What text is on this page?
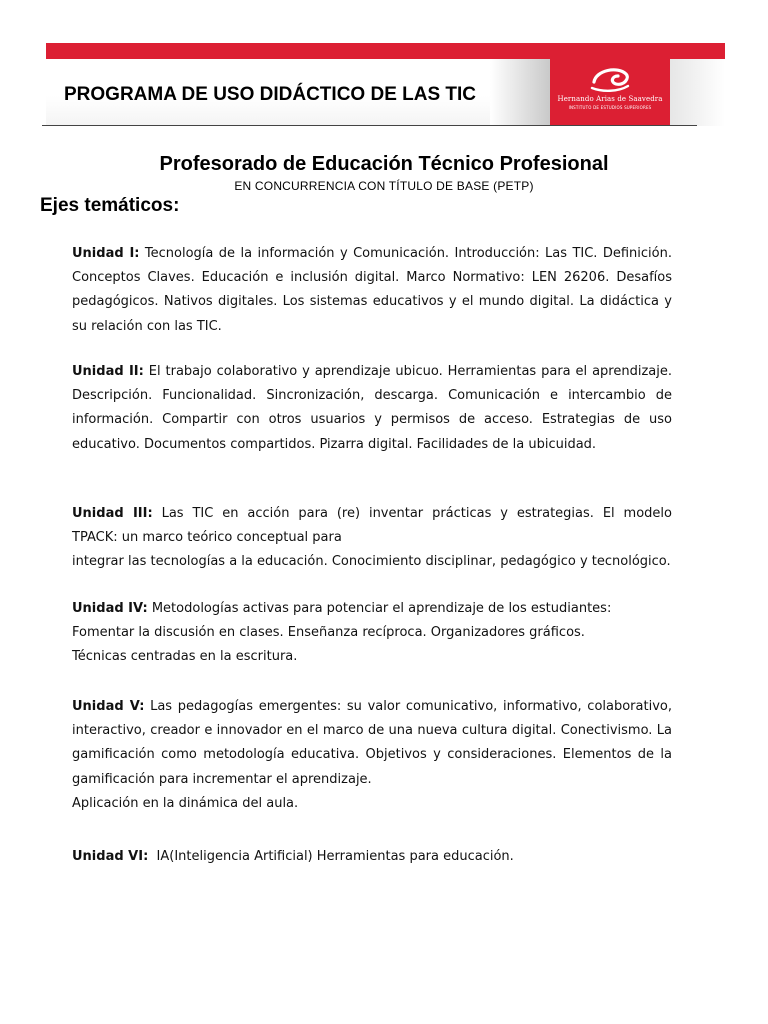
Hernando Arias de Saavedra
INSTITUTO DE ESTUDIOS SUPERIORES
PROGRAMA DE USO DIDÁCTICO DE LAS TIC
Profesorado de Educación Técnico Profesional
EN CONCURRENCIA CON TÍTULO DE BASE (PETP)
Ejes temáticos:

Unidad I: Tecnología de la información y Comunicación. Introducción: Las TIC. Definición. Conceptos Claves. Educación e inclusión digital. Marco Normativo: LEN 26206. Desafíos pedagógicos. Nativos digitales. Los sistemas educativos y el mundo digital. La didáctica y su relación con las TIC.

Unidad II: El trabajo colaborativo y aprendizaje ubicuo. Herramientas para el aprendizaje. Descripción. Funcionalidad. Sincronización, descarga. Comunicación e intercambio de información. Compartir con otros usuarios y permisos de acceso. Estrategias de uso educativo. Documentos compartidos. Pizarra digital. Facilidades de la ubicuidad.

Unidad III: Las TIC en acción para (re) inventar prácticas y estrategias. El modelo
TPACK: un marco teórico conceptual para
integrar las tecnologías a la educación. Conocimiento disciplinar, pedagógico y tecnológico.
Unidad IV: Metodologías activas para potenciar el aprendizaje de los estudiantes:
Fomentar la discusión en clases. Enseñanza recíproca. Organizadores gráficos.
Técnicas centradas en la escritura.
Unidad V: Las pedagogías emergentes: su valor comunicativo, informativo, colaborativo, interactivo, creador e innovador en el marco de una nueva cultura digital. Conectivismo. La gamificación como metodología educativa. Objetivos y consideraciones. Elementos de la gamificación para incrementar el aprendizaje.
Aplicación en la dinámica del aula.

Unidad VI: IA(Inteligencia Artificial) Herramientas para educación.
